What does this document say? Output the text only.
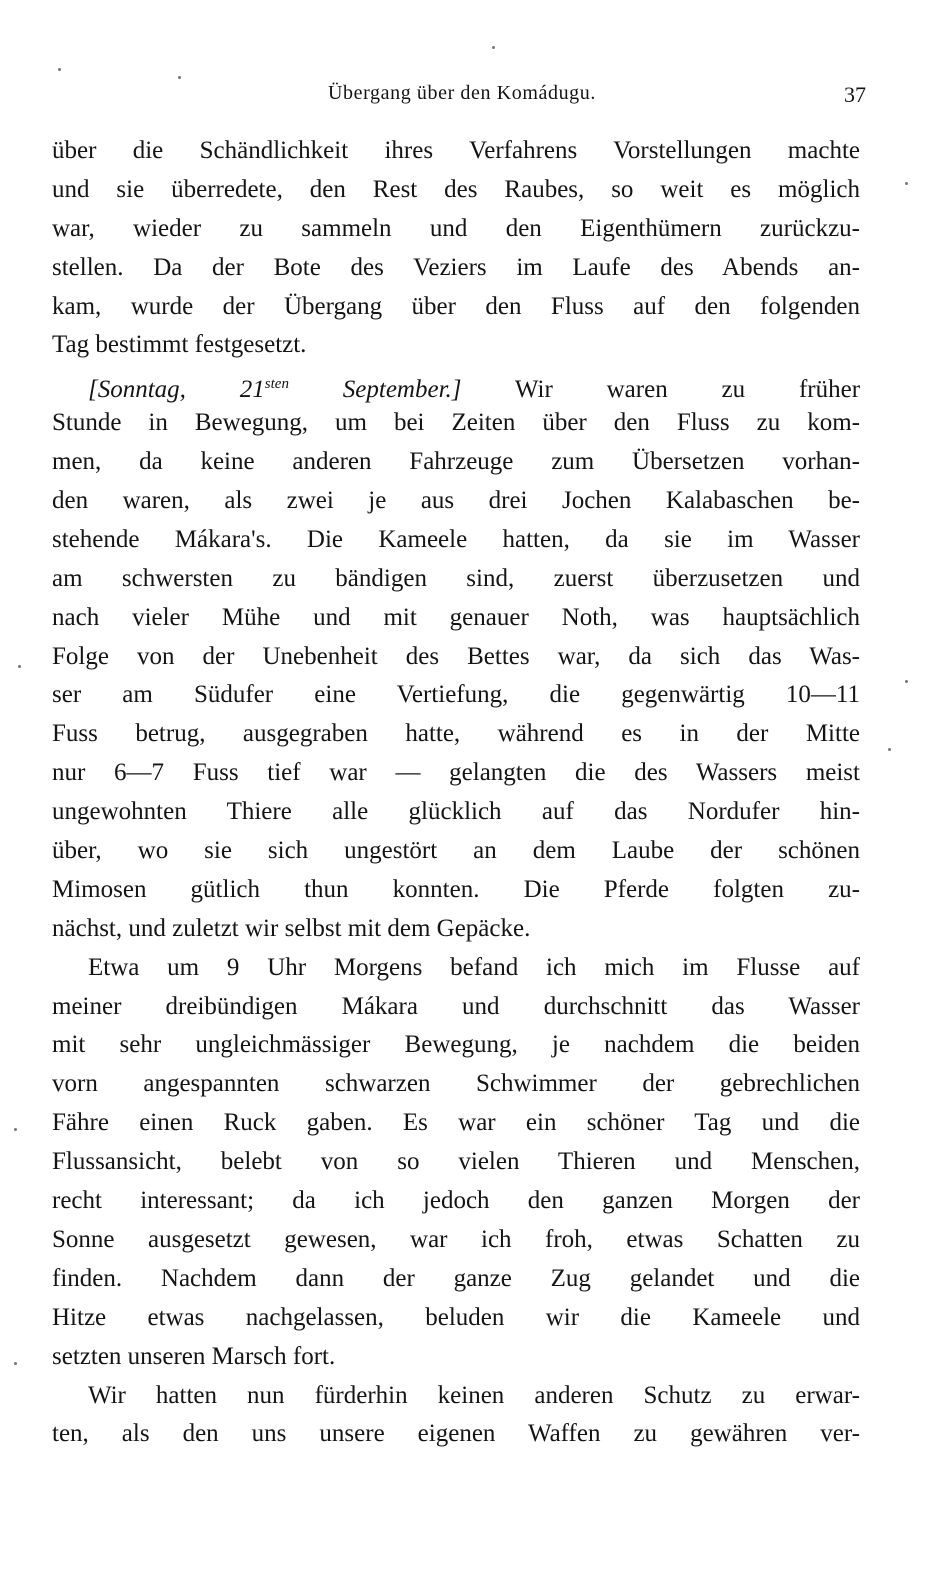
Übergang über den Komádugu.	37
über die Schändlichkeit ihres Verfahrens Vorstellungen machte
und sie überredete, den Rest des Raubes, so weit es möglich
war, wieder zu sammeln und den Eigenthümern zurückzu-
stellen. Da der Bote des Veziers im Laufe des Abends an-
kam, wurde der Übergang über den Fluss auf den folgenden
Tag bestimmt festgesetzt.
[Sonntag, $21^{sten}$ September.] Wir waren zu früher
Stunde in Bewegung, um bei Zeiten über den Fluss zu kom-
men, da keine anderen Fahrzeuge zum Übersetzen vorhan-
den waren, als zwei je aus drei Jochen Kalabaschen be-
stehende Mákara's. Die Kameele hatten, da sie im Wasser
am schwersten zu bändigen sind, zuerst überzusetzen und
nach vieler Mühe und mit genauer Noth, was hauptsächlich
Folge von der Unebenheit des Bettes war, da sich das Was-
ser am Südufer eine Vertiefung, die gegenwärtig 10—11
Fuss betrug, ausgegraben hatte, während es in der Mitte
nur 6—7 Fuss tief war — gelangten die des Wassers meist
ungewohnten Thiere alle glücklich auf das Nordufer hin-
über, wo sie sich ungestört an dem Laube der schönen
Mimosen gütlich thun konnten. Die Pferde folgten zu-
nächst, und zuletzt wir selbst mit dem Gepäcke.
Etwa um 9 Uhr Morgens befand ich mich im Flusse auf
meiner dreibündigen Mákara und durchschnitt das Wasser
mit sehr ungleichmässiger Bewegung, je nachdem die beiden
vorn angespannten schwarzen Schwimmer der gebrechlichen
Fähre einen Ruck gaben. Es war ein schöner Tag und die
Flussansicht, belebt von so vielen Thieren und Menschen,
recht interessant; da ich jedoch den ganzen Morgen der
Sonne ausgesetzt gewesen, war ich froh, etwas Schatten zu
finden. Nachdem dann der ganze Zug gelandet und die
Hitze etwas nachgelassen, beluden wir die Kameele und
setzten unseren Marsch fort.
Wir hatten nun fürderhin keinen anderen Schutz zu erwar-
ten, als den uns unsere eigenen Waffen zu gewähren ver-
